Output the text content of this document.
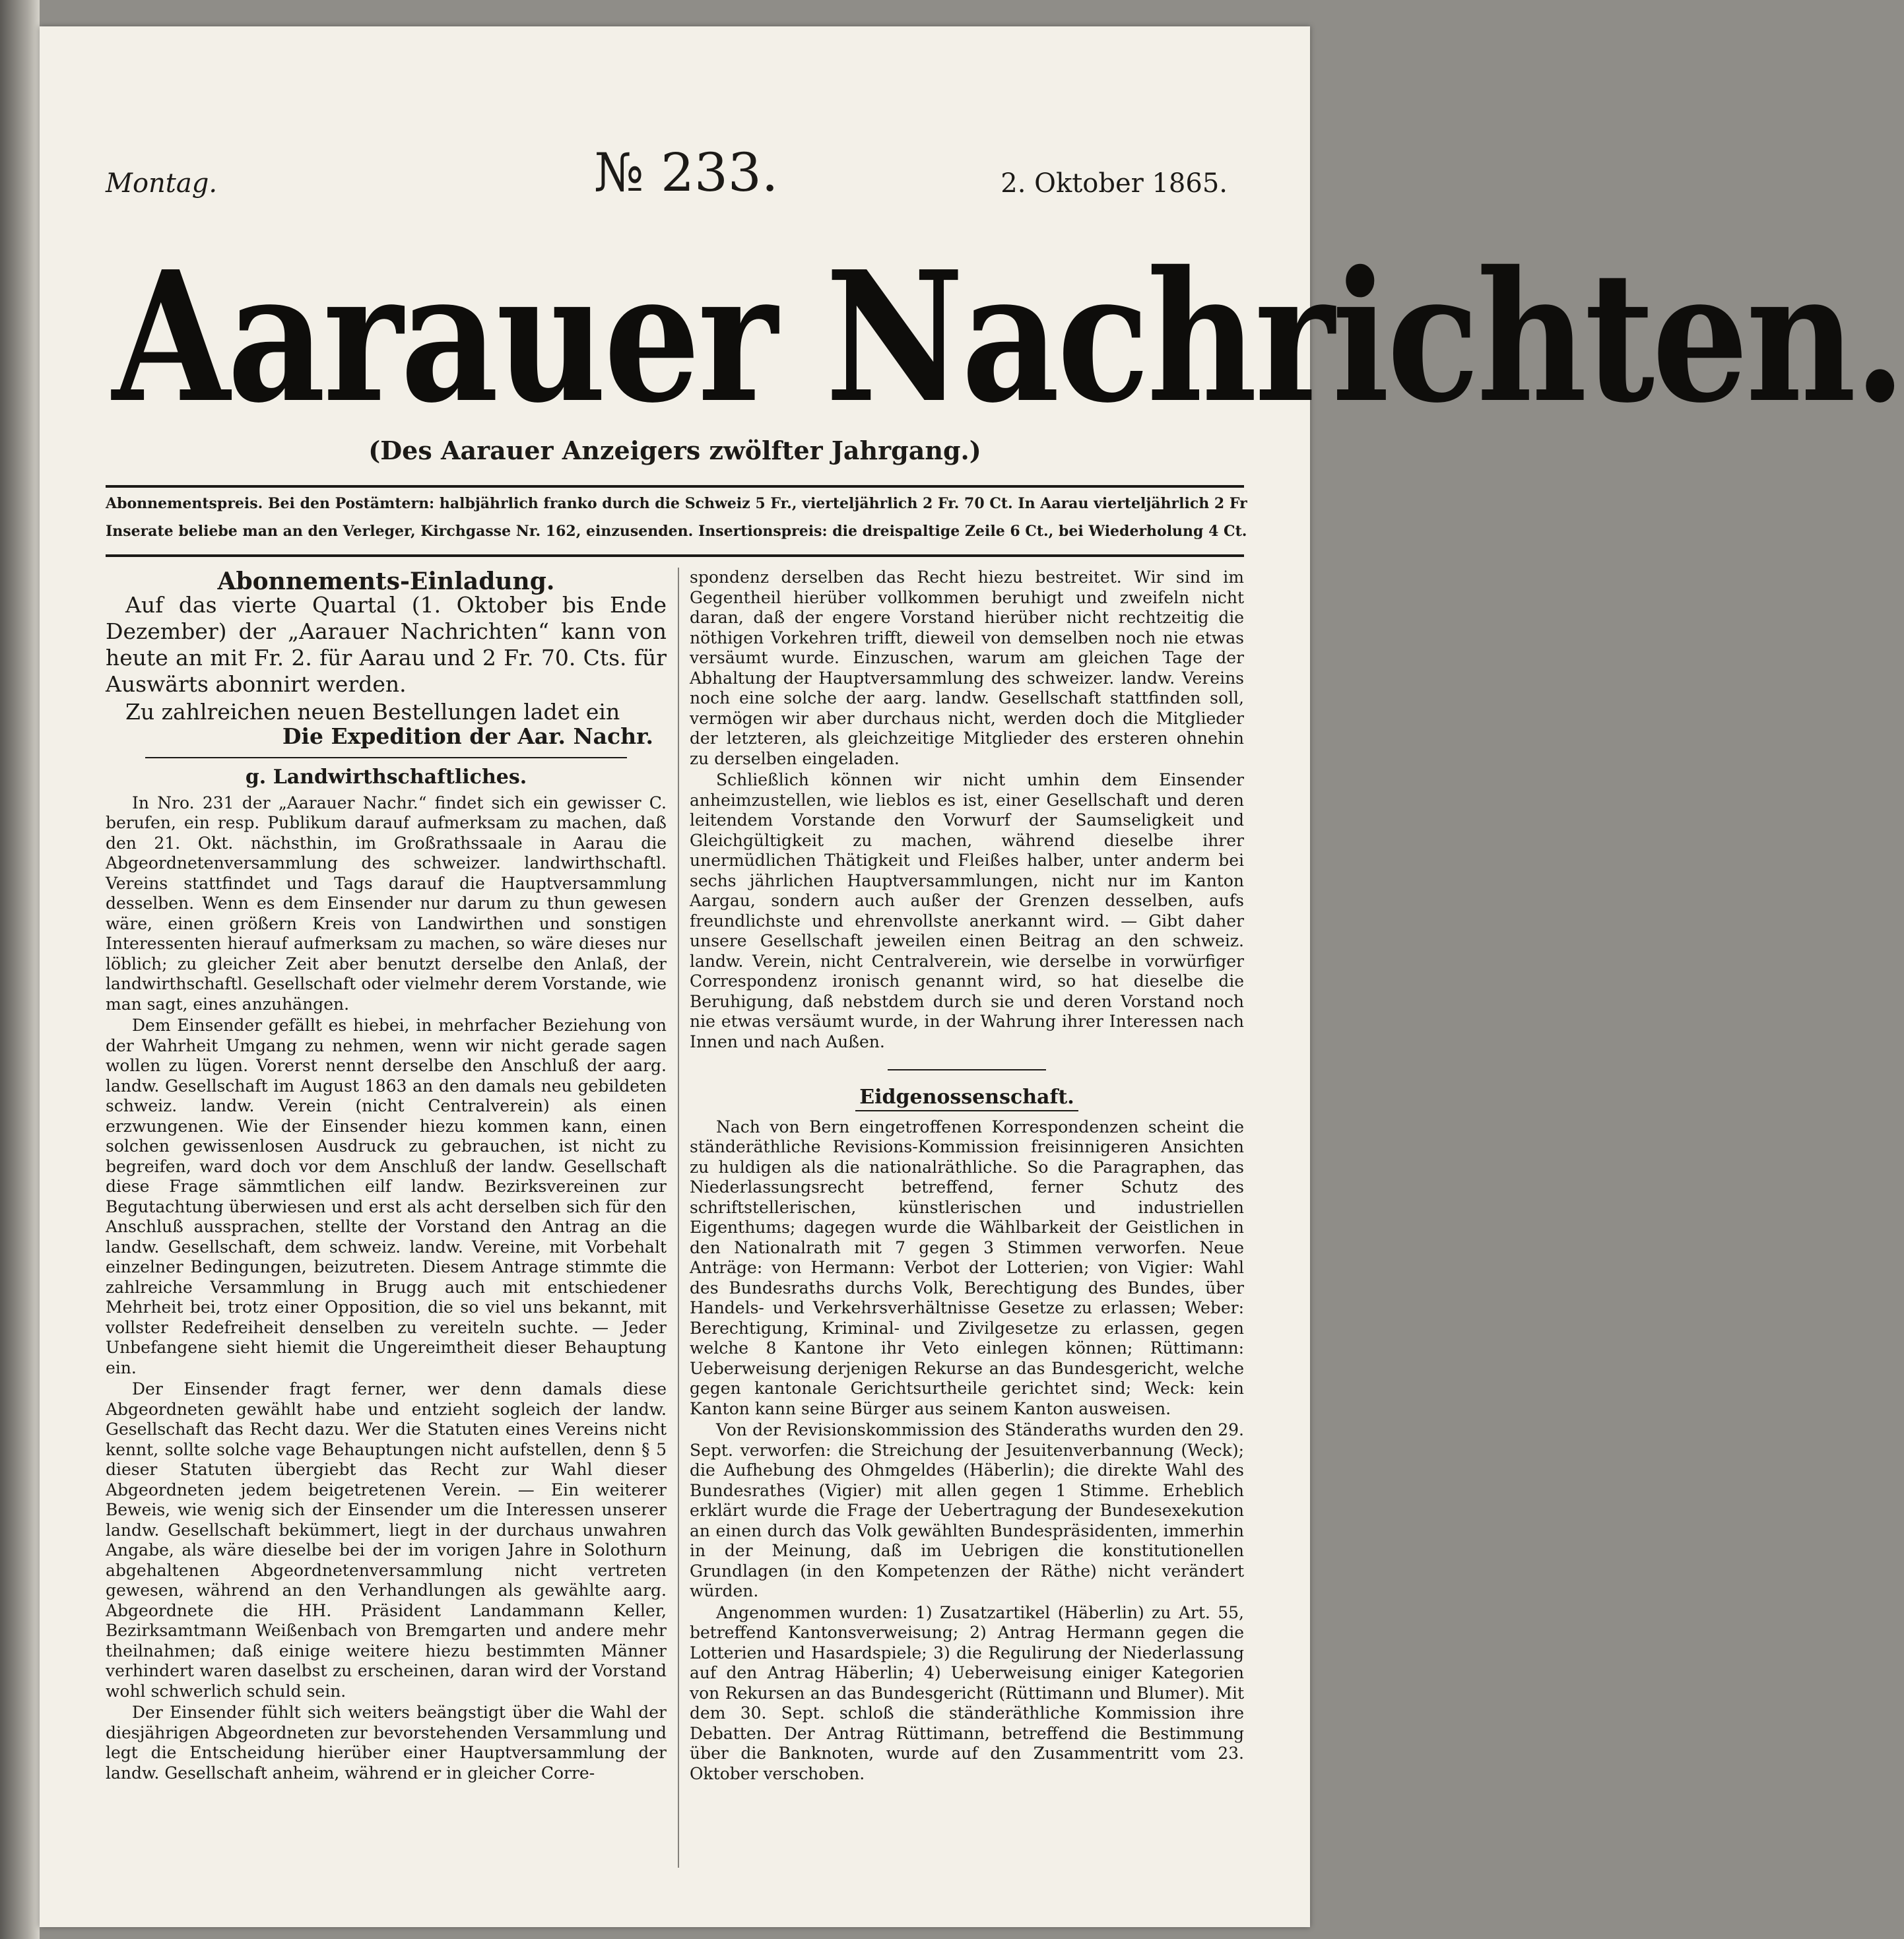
Montag.	№ 233.	2. Oktober 1865.
Aarauer Nachrichten.
(Des Aarauer Anzeigers zwölfter Jahrgang.)
Abonnementspreis. Bei den Postämtern: halbjährlich franko durch die Schweiz 5 Fr., vierteljährlich 2 Fr. 70 Ct. In Aarau vierteljährlich 2 Fr
Inserate beliebe man an den Verleger, Kirchgasse Nr. 162, einzusenden. Insertionspreis: die dreispaltige Zeile 6 Ct., bei Wiederholung 4 Ct.
Abonnements-Einladung.

Auf das vierte Quartal (1. Oktober bis Ende Dezember) der „Aarauer Nachrichten“ kann von heute an mit Fr. 2. für Aarau und 2 Fr. 70. Cts. für Auswärts abonnirt werden.

Zu zahlreichen neuen Bestellungen ladet ein

Die Expedition der Aar. Nachr.
g. Landwirthschaftliches.

In Nro. 231 der „Aarauer Nachr.“ findet sich ein gewisser C. berufen, ein resp. Publikum darauf aufmerksam zu machen, daß den 21. Okt. nächsthin, im Großrathssaale in Aarau die Abgeordnetenversammlung des schweizer. landwirthschaftl. Vereins stattfindet und Tags darauf die Hauptversammlung desselben. Wenn es dem Einsender nur darum zu thun gewesen wäre, einen größern Kreis von Landwirthen und sonstigen Interessenten hierauf aufmerksam zu machen, so wäre dieses nur löblich; zu gleicher Zeit aber benutzt derselbe den Anlaß, der landwirthschaftl. Gesellschaft oder vielmehr derem Vorstande, wie man sagt, eines anzuhängen.

Dem Einsender gefällt es hiebei, in mehrfacher Beziehung von der Wahrheit Umgang zu nehmen, wenn wir nicht gerade sagen wollen zu lügen. Vorerst nennt derselbe den Anschluß der aarg. landw. Gesellschaft im August 1863 an den damals neu gebildeten schweiz. landw. Verein (nicht Centralverein) als einen erzwungenen. Wie der Einsender hiezu kommen kann, einen solchen gewissenlosen Ausdruck zu gebrauchen, ist nicht zu begreifen, ward doch vor dem Anschluß der landw. Gesellschaft diese Frage sämmtlichen eilf landw. Bezirksvereinen zur Begutachtung überwiesen und erst als acht derselben sich für den Anschluß aussprachen, stellte der Vorstand den Antrag an die landw. Gesellschaft, dem schweiz. landw. Vereine, mit Vorbehalt einzelner Bedingungen, beizutreten. Diesem Antrage stimmte die zahlreiche Versammlung in Brugg auch mit entschiedener Mehrheit bei, trotz einer Opposition, die so viel uns bekannt, mit vollster Redefreiheit denselben zu vereiteln suchte. — Jeder Unbefangene sieht hiemit die Ungereimtheit dieser Behauptung ein.

Der Einsender fragt ferner, wer denn damals diese Abgeordneten gewählt habe und entzieht sogleich der landw. Gesellschaft das Recht dazu. Wer die Statuten eines Vereins nicht kennt, sollte solche vage Behauptungen nicht aufstellen, denn § 5 dieser Statuten übergiebt das Recht zur Wahl dieser Abgeordneten jedem beigetretenen Verein. — Ein weiterer Beweis, wie wenig sich der Einsender um die Interessen unserer landw. Gesellschaft bekümmert, liegt in der durchaus unwahren Angabe, als wäre dieselbe bei der im vorigen Jahre in Solothurn abgehaltenen Abgeordnetenversammlung nicht vertreten gewesen, während an den Verhandlungen als gewählte aarg. Abgeordnete die HH. Präsident Landammann Keller, Bezirksamtmann Weißenbach von Bremgarten und andere mehr theilnahmen; daß einige weitere hiezu bestimmten Männer verhindert waren daselbst zu erscheinen, daran wird der Vorstand wohl schwerlich schuld sein.

Der Einsender fühlt sich weiters beängstigt über die Wahl der diesjährigen Abgeordneten zur bevorstehenden Versammlung und legt die Entscheidung hierüber einer Hauptversammlung der landw. Gesellschaft anheim, während er in gleicher Corre-

spondenz derselben das Recht hiezu bestreitet. Wir sind im Gegentheil hierüber vollkommen beruhigt und zweifeln nicht daran, daß der engere Vorstand hierüber nicht rechtzeitig die nöthigen Vorkehren trifft, dieweil von demselben noch nie etwas versäumt wurde. Einzuschen, warum am gleichen Tage der Abhaltung der Hauptversammlung des schweizer. landw. Vereins noch eine solche der aarg. landw. Gesellschaft stattfinden soll, vermögen wir aber durchaus nicht, werden doch die Mitglieder der letzteren, als gleichzeitige Mitglieder des ersteren ohnehin zu derselben eingeladen.

Schließlich können wir nicht umhin dem Einsender anheimzustellen, wie lieblos es ist, einer Gesellschaft und deren leitendem Vorstande den Vorwurf der Saumseligkeit und Gleichgültigkeit zu machen, während dieselbe ihrer unermüdlichen Thätigkeit und Fleißes halber, unter anderm bei sechs jährlichen Hauptversammlungen, nicht nur im Kanton Aargau, sondern auch außer der Grenzen desselben, aufs freundlichste und ehrenvollste anerkannt wird. — Gibt daher unsere Gesellschaft jeweilen einen Beitrag an den schweiz. landw. Verein, nicht Centralverein, wie derselbe in vorwürfiger Correspondenz ironisch genannt wird, so hat dieselbe die Beruhigung, daß nebstdem durch sie und deren Vorstand noch nie etwas versäumt wurde, in der Wahrung ihrer Interessen nach Innen und nach Außen.

Eidgenossenschaft.

Nach von Bern eingetroffenen Korrespondenzen scheint die ständeräthliche Revisions-Kommission freisinnigeren Ansichten zu huldigen als die nationalräthliche. So die Paragraphen, das Niederlassungsrecht betreffend, ferner Schutz des schriftstellerischen, künstlerischen und industriellen Eigenthums; dagegen wurde die Wählbarkeit der Geistlichen in den Nationalrath mit 7 gegen 3 Stimmen verworfen. Neue Anträge: von Hermann: Verbot der Lotterien; von Vigier: Wahl des Bundesraths durchs Volk, Berechtigung des Bundes, über Handels- und Verkehrsverhältnisse Gesetze zu erlassen; Weber: Berechtigung, Kriminal- und Zivilgesetze zu erlassen, gegen welche 8 Kantone ihr Veto einlegen können; Rüttimann: Ueberweisung derjenigen Rekurse an das Bundesgericht, welche gegen kantonale Gerichtsurtheile gerichtet sind; Weck: kein Kanton kann seine Bürger aus seinem Kanton ausweisen.

Von der Revisionskommission des Ständeraths wurden den 29. Sept. verworfen: die Streichung der Jesuitenverbannung (Weck); die Aufhebung des Ohmgeldes (Häberlin); die direkte Wahl des Bundesrathes (Vigier) mit allen gegen 1 Stimme. Erheblich erklärt wurde die Frage der Uebertragung der Bundesexekution an einen durch das Volk gewählten Bundespräsidenten, immerhin in der Meinung, daß im Uebrigen die konstitutionellen Grundlagen (in den Kompetenzen der Räthe) nicht verändert würden.

Angenommen wurden: 1) Zusatzartikel (Häberlin) zu Art. 55, betreffend Kantonsverweisung; 2) Antrag Hermann gegen die Lotterien und Hasardspiele; 3) die Regulirung der Niederlassung auf den Antrag Häberlin; 4) Ueberweisung einiger Kategorien von Rekursen an das Bundesgericht (Rüttimann und Blumer). Mit dem 30. Sept. schloß die ständeräthliche Kommission ihre Debatten. Der Antrag Rüttimann, betreffend die Bestimmung über die Banknoten, wurde auf den Zusammentritt vom 23. Oktober verschoben.
